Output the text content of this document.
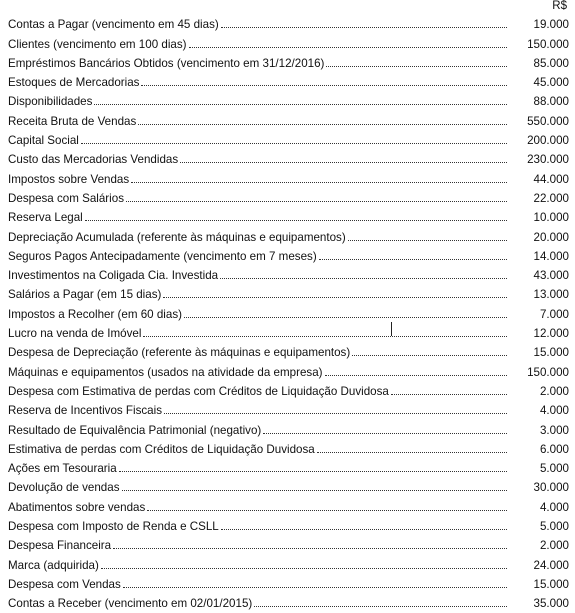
R$
Contas a Pagar (vencimento em 45 dias)	19.000
Clientes (vencimento em 100 dias)	150.000
Empréstimos Bancários Obtidos (vencimento em 31/12/2016)	85.000
Estoques de Mercadorias	45.000
Disponibilidades	88.000
Receita Bruta de Vendas	550.000
Capital Social	200.000
Custo das Mercadorias Vendidas	230.000
Impostos sobre Vendas	44.000
Despesa com Salários	22.000
Reserva Legal	10.000
Depreciação Acumulada (referente às máquinas e equipamentos)	20.000
Seguros Pagos Antecipadamente (vencimento em 7 meses)	14.000
Investimentos na Coligada Cia. Investida	43.000
Salários a Pagar (em 15 dias)	13.000
Impostos a Recolher (em 60 dias)	7.000
Lucro na venda de Imóvel	12.000
Despesa de Depreciação (referente às máquinas e equipamentos)	15.000
Máquinas e equipamentos (usados na atividade da empresa)	150.000
Despesa com Estimativa de perdas com Créditos de Liquidação Duvidosa	2.000
Reserva de Incentivos Fiscais	4.000
Resultado de Equivalência Patrimonial (negativo)	3.000
Estimativa de perdas com Créditos de Liquidação Duvidosa	6.000
Ações em Tesouraria	5.000
Devolução de vendas	30.000
Abatimentos sobre vendas	4.000
Despesa com Imposto de Renda e CSLL	5.000
Despesa Financeira	2.000
Marca (adquirida)	24.000
Despesa com Vendas	15.000
Contas a Receber (vencimento em 02/01/2015)	35.000
